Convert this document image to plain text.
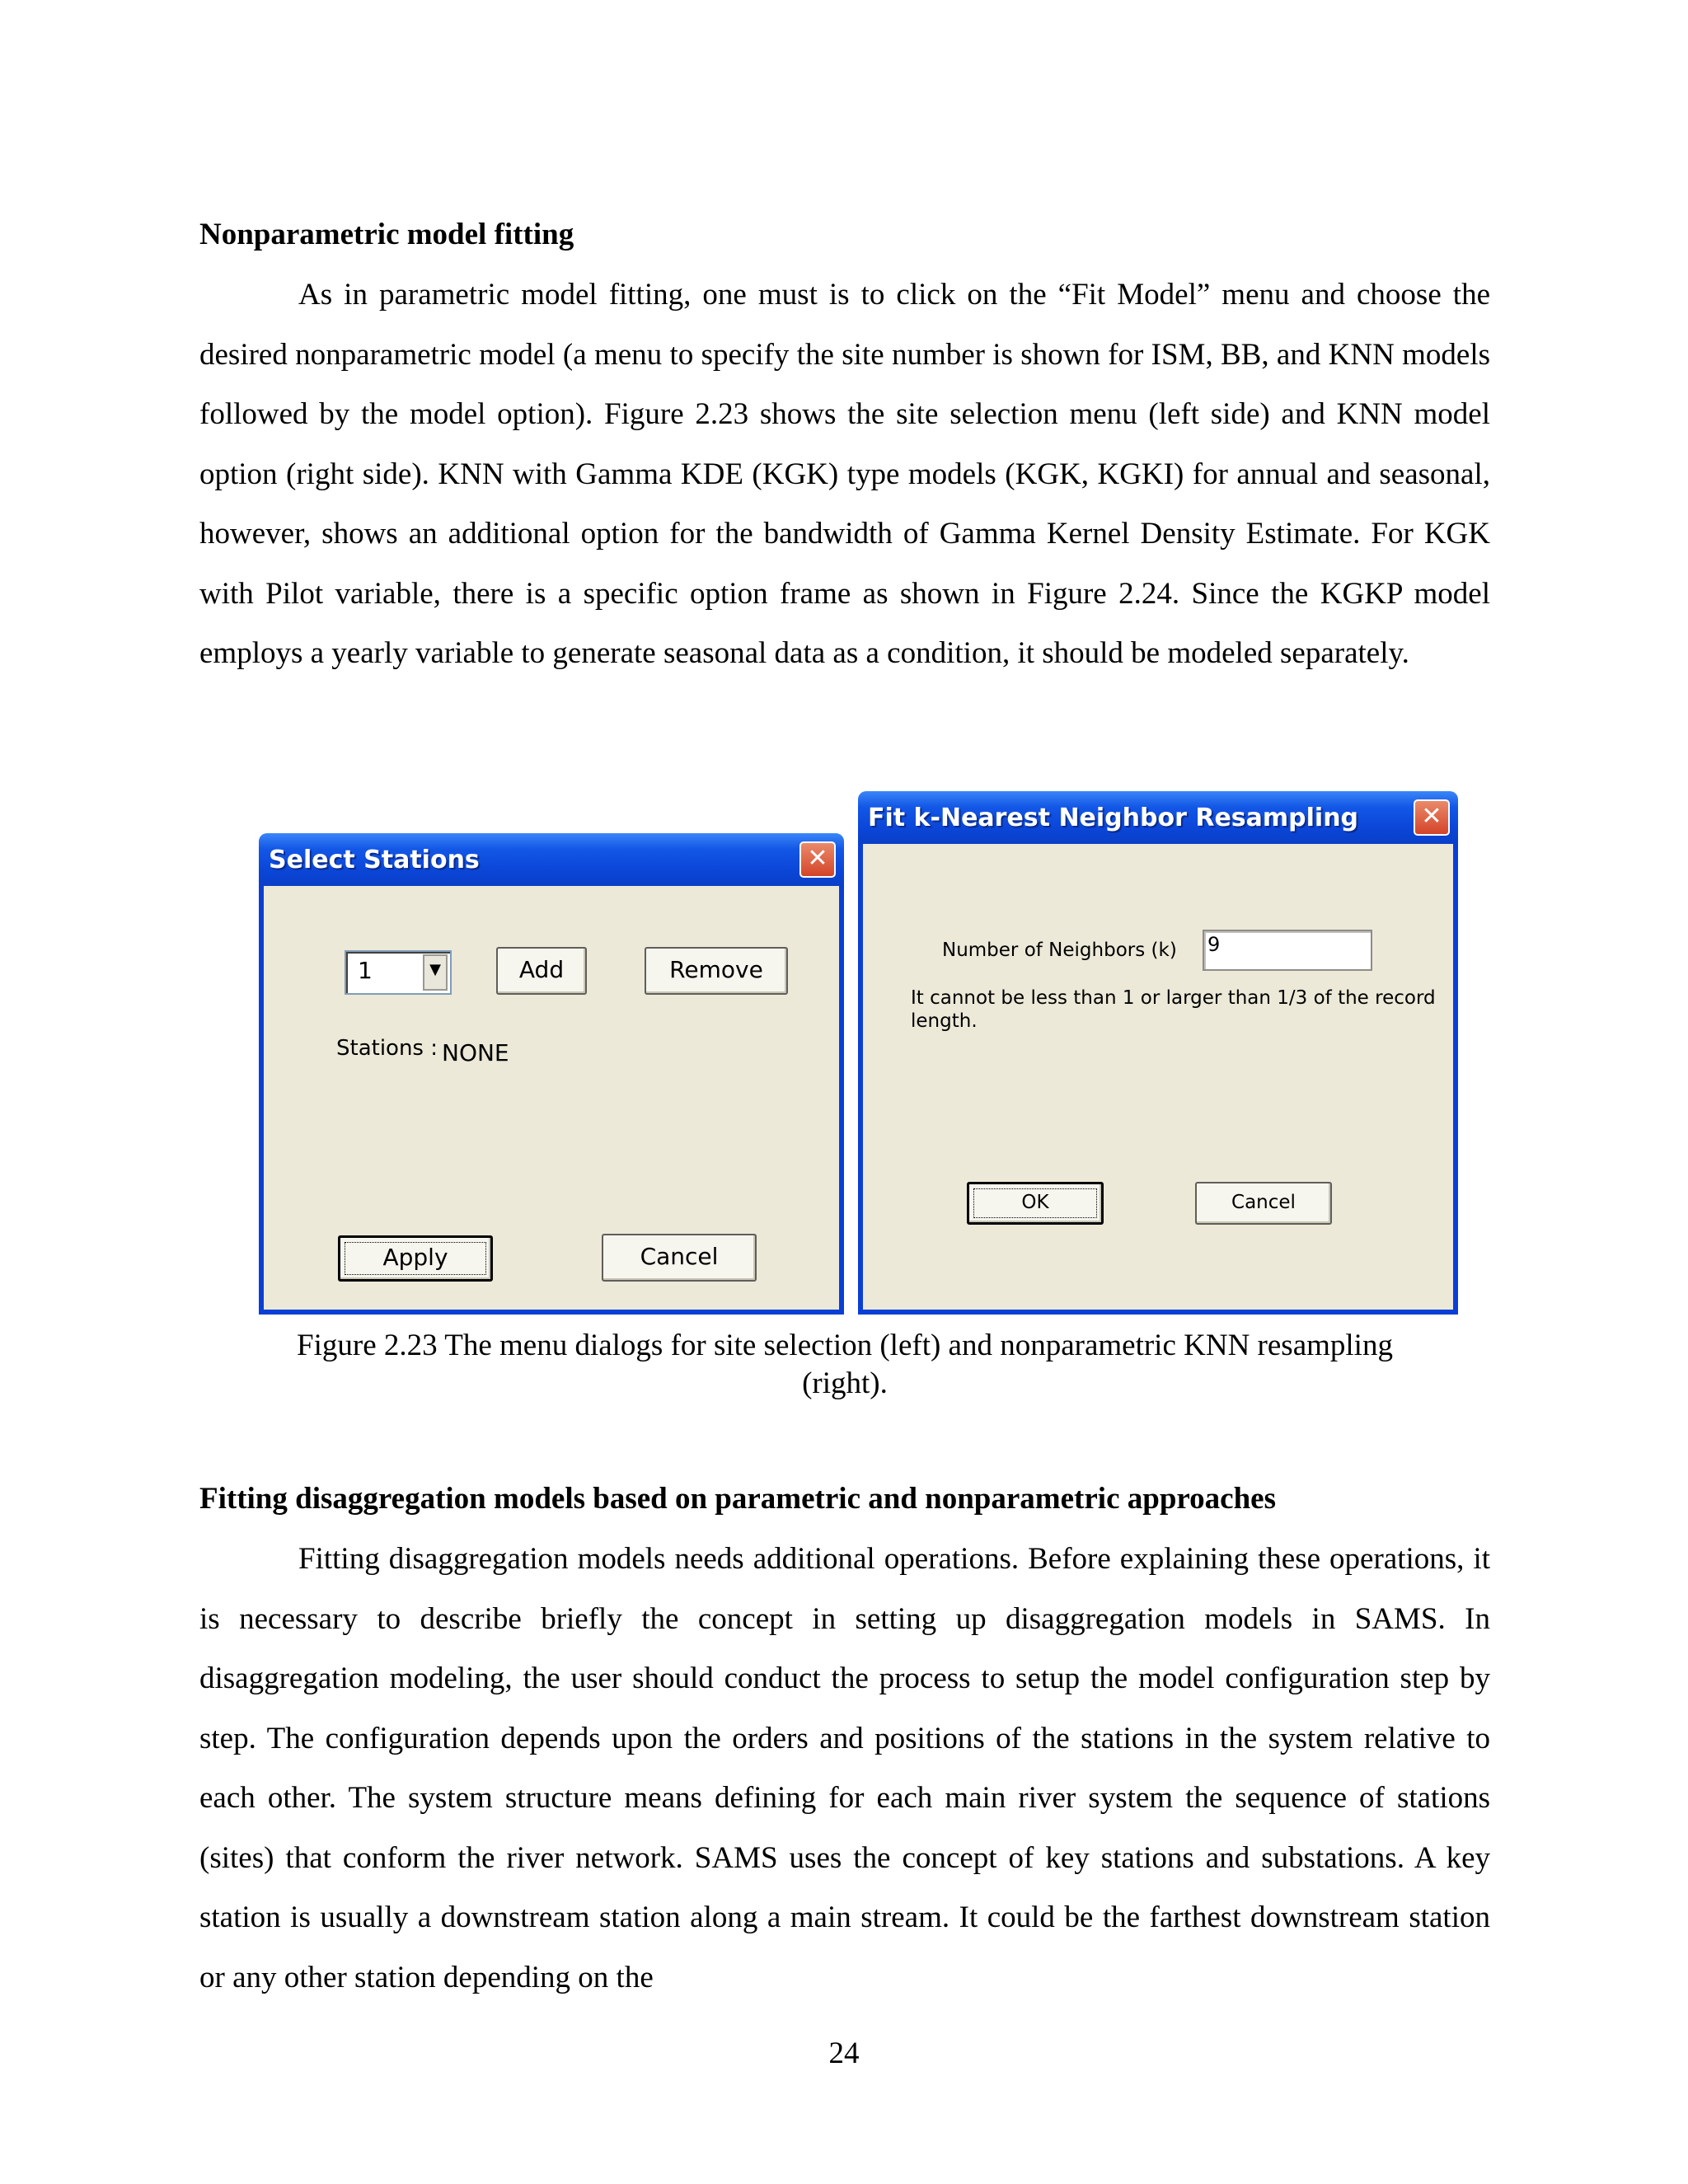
Nonparametric model fitting

As in parametric model fitting, one must is to click on the “Fit Model” menu and choose the desired nonparametric model (a menu to specify the site number is shown for ISM, BB, and KNN models followed by the model option). Figure 2.23 shows the site selection menu (left side) and KNN model option (right side). KNN with Gamma KDE (KGK) type models (KGK, KGKI) for annual and seasonal, however, shows an additional option for the bandwidth of Gamma Kernel Density Estimate. For KGK with Pilot variable, there is a specific option frame as shown in Figure 2.24. Since the KGKP model employs a yearly variable to generate seasonal data as a condition, it should be modeled separately.

Select Stations	✕
1	▼	Add	Remove
Stations : NONE
Apply	Cancel
Fit k-Nearest Neighbor Resampling	✕
Number of Neighbors (k) 9
It cannot be less than 1 or larger than 1/3 of the record
length.
OK	Cancel
Figure 2.23 The menu dialogs for site selection (left) and nonparametric KNN resampling
(right).
Fitting disaggregation models based on parametric and nonparametric approaches

Fitting disaggregation models needs additional operations. Before explaining these operations, it is necessary to describe briefly the concept in setting up disaggregation models in SAMS. In disaggregation modeling, the user should conduct the process to setup the model configuration step by step. The configuration depends upon the orders and positions of the stations in the system relative to each other. The system structure means defining for each main river system the sequence of stations (sites) that conform the river network. SAMS uses the concept of key stations and substations. A key station is usually a downstream station along a main stream. It could be the farthest downstream station or any other station depending on the

24
